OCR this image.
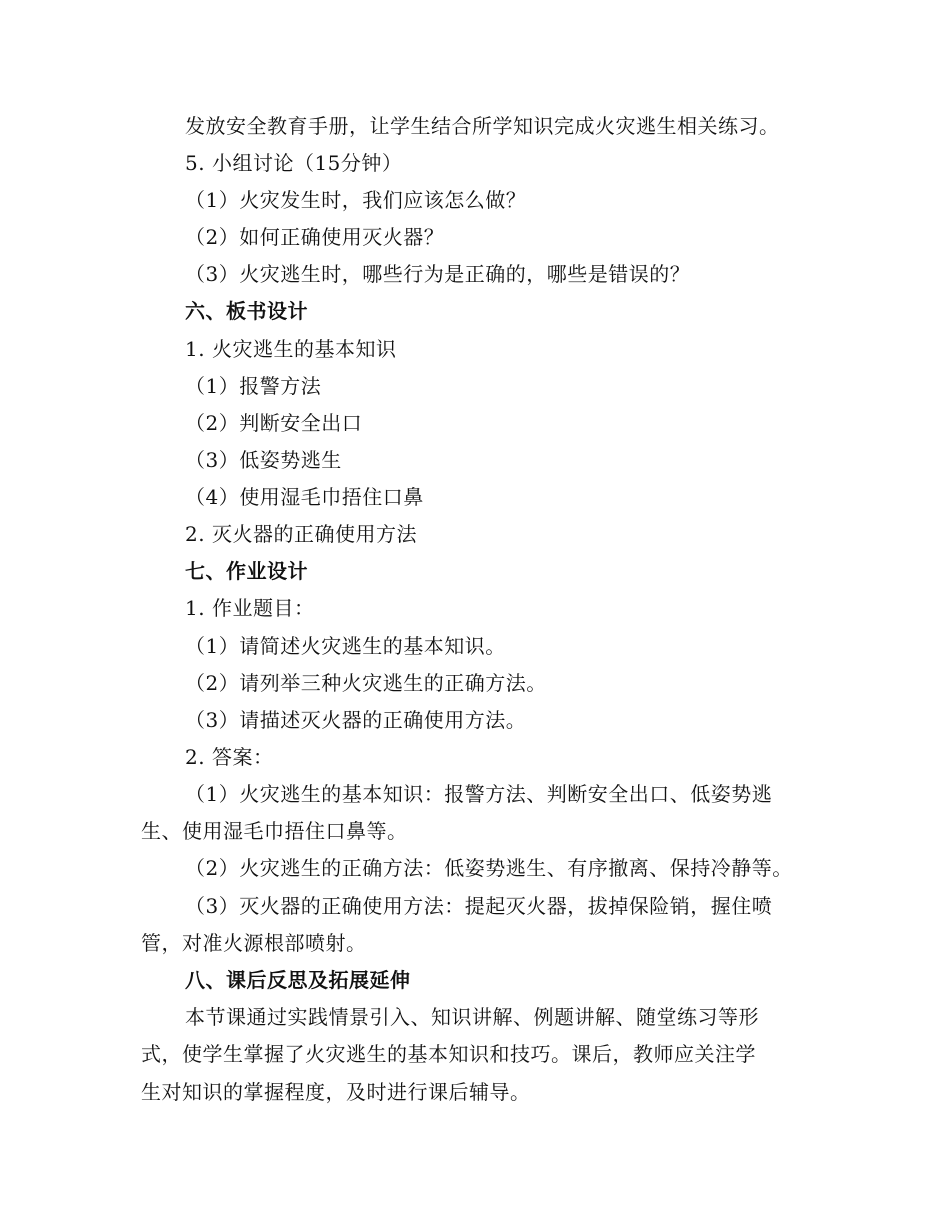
发放安全教育手册，让学生结合所学知识完成火灾逃生相关练习。
5. 小组讨论（15分钟）
（1）火灾发生时，我们应该怎么做？
（2）如何正确使用灭火器？
（3）火灾逃生时，哪些行为是正确的，哪些是错误的？
六、板书设计
1. 火灾逃生的基本知识
（1）报警方法
（2）判断安全出口
（3）低姿势逃生
（4）使用湿毛巾捂住口鼻
2. 灭火器的正确使用方法
七、作业设计
1. 作业题目：
（1）请简述火灾逃生的基本知识。
（2）请列举三种火灾逃生的正确方法。
（3）请描述灭火器的正确使用方法。
2. 答案：
（1）火灾逃生的基本知识：报警方法、判断安全出口、低姿势逃
生、使用湿毛巾捂住口鼻等。
（2）火灾逃生的正确方法：低姿势逃生、有序撤离、保持冷静等。
（3）灭火器的正确使用方法：提起灭火器，拔掉保险销，握住喷
管，对准火源根部喷射。
八、课后反思及拓展延伸
本节课通过实践情景引入、知识讲解、例题讲解、随堂练习等形
式，使学生掌握了火灾逃生的基本知识和技巧。课后，教师应关注学
生对知识的掌握程度，及时进行课后辅导。
